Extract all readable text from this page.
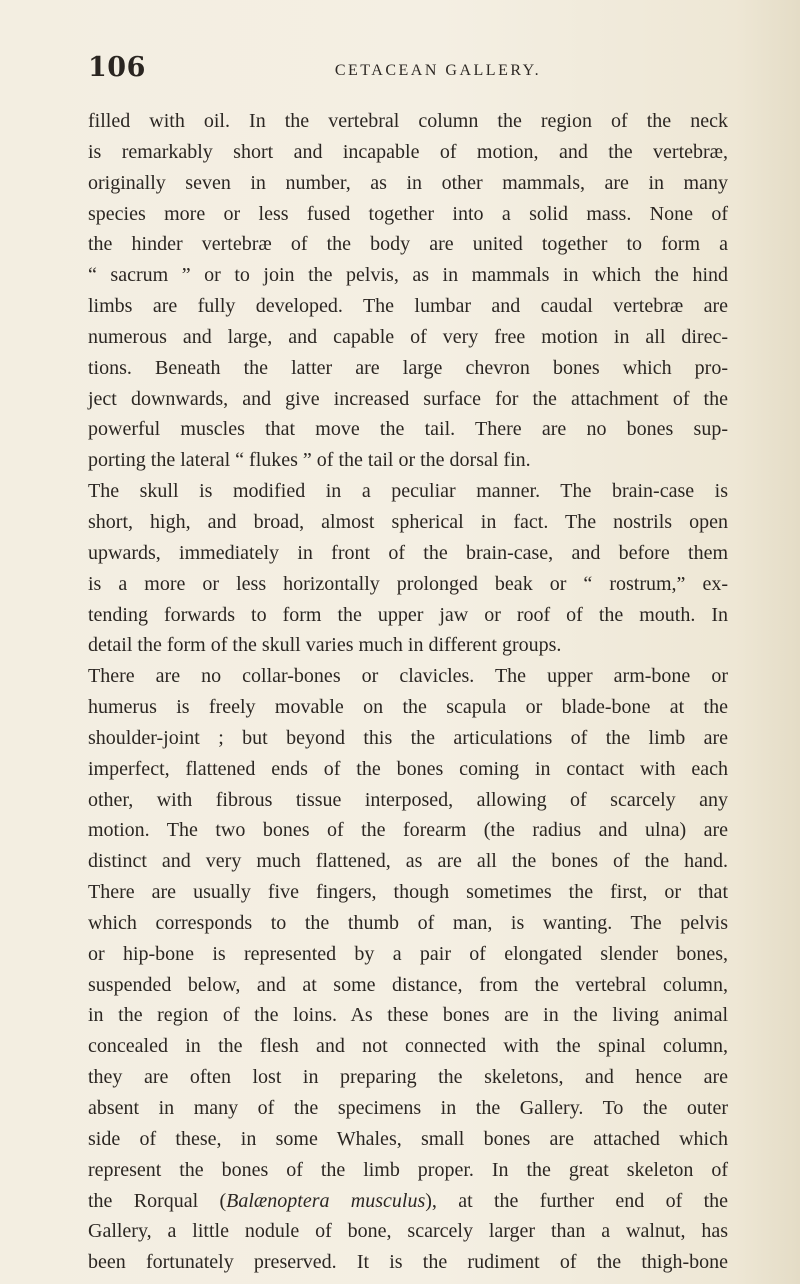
106	CETACEAN GALLERY.
filled with oil. In the vertebral column the region of the neck
is remarkably short and incapable of motion, and the vertebræ,
originally seven in number, as in other mammals, are in many
species more or less fused together into a solid mass. None of
the hinder vertebræ of the body are united together to form a
“ sacrum ” or to join the pelvis, as in mammals in which the hind
limbs are fully developed. The lumbar and caudal vertebræ are
numerous and large, and capable of very free motion in all direc-
tions. Beneath the latter are large chevron bones which pro-
ject downwards, and give increased surface for the attachment of the
powerful muscles that move the tail. There are no bones sup-
porting the lateral “ flukes ” of the tail or the dorsal fin.
The skull is modified in a peculiar manner. The brain-case is
short, high, and broad, almost spherical in fact. The nostrils open
upwards, immediately in front of the brain-case, and before them
is a more or less horizontally prolonged beak or “ rostrum,” ex-
tending forwards to form the upper jaw or roof of the mouth. In
detail the form of the skull varies much in different groups.
There are no collar-bones or clavicles. The upper arm-bone or
humerus is freely movable on the scapula or blade-bone at the
shoulder-joint ; but beyond this the articulations of the limb are
imperfect, flattened ends of the bones coming in contact with each
other, with fibrous tissue interposed, allowing of scarcely any
motion. The two bones of the forearm (the radius and ulna) are
distinct and very much flattened, as are all the bones of the hand.
There are usually five fingers, though sometimes the first, or that
which corresponds to the thumb of man, is wanting. The pelvis
or hip-bone is represented by a pair of elongated slender bones,
suspended below, and at some distance, from the vertebral column,
in the region of the loins. As these bones are in the living animal
concealed in the flesh and not connected with the spinal column,
they are often lost in preparing the skeletons, and hence are
absent in many of the specimens in the Gallery. To the outer
side of these, in some Whales, small bones are attached which
represent the bones of the limb proper. In the great skeleton of
the Rorqual (Balænoptera musculus), at the further end of the
Gallery, a little nodule of bone, scarcely larger than a walnut, has
been fortunately preserved. It is the rudiment of the thigh-bone
